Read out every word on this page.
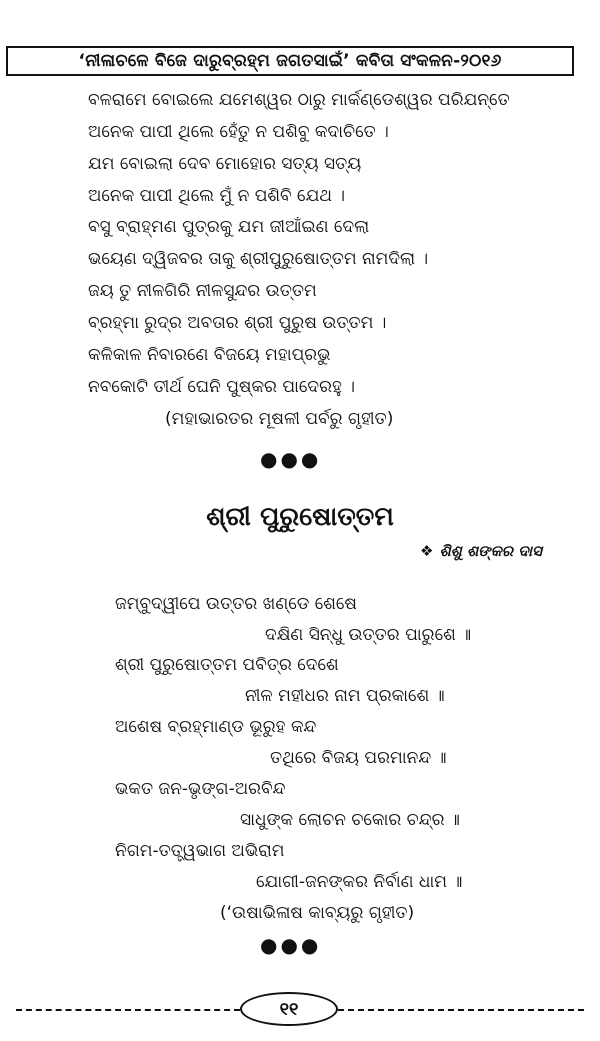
‘ନୀଳାଚଳେ ବିଜେ ଦାରୁବ୍ରହ୍ମ ଜଗତସାଇଁ’ କବିତା ସଂକଳନ-୨୦୧୬
ବଳରାମେ ବୋଇଲେ ଯମେଶ୍ୱର ଠାରୁ ମାର୍କଣ୍ଡେଶ୍ୱର ପରିଯନ୍ତେ
ଅନେକ ପାପୀ ଥିଲେ ହେଁତୁ ନ ପଶିବୁ କଦାଚିତେ ।
ଯମ ବୋଇଲା ଦେବ ମୋହୋର ସତ୍ୟ ସତ୍ୟ
ଅନେକ ପାପୀ ଥିଲେ ମୁଁ ନ ପଶିବି ଯେଥ ।
ବସୁ ବ୍ରାହ୍ମଣ ପୁତ୍ରକୁ ଯମ ଜୀଆଁଇଣ ଦେଲା
ଭୟେଣ ଦ୍ୱିଜବର ତାକୁ ଶ୍ରୀପୁରୁଷୋତ୍ତମ ନାମଦିଲା ।
ଜୟ ତୁ ନୀଳଗିରି ନୀଳସୁନ୍ଦର ଉତ୍ତମ
ବ୍ରହ୍ମା ରୁଦ୍ର ଅବତାର ଶ୍ରୀ ପୁରୁଷ ଉତ୍ତମ ।
କଳିକାଳ ନିବାରଣେ ବିଜୟେ ମହାପ୍ରଭୁ
ନବକୋଟି ତୀର୍ଥ ଘେନି ପୁଷ୍କର ପାଦେରହୁ ।
(ମହାଭାରତର ମୂଷଳୀ ପର୍ବରୁ ଗୃହୀତ)
●●●
ଶ୍ରୀ ପୁରୁଷୋତ୍ତମ
❖ ଶିଶୁ ଶଙ୍କର ଦାସ
ଜମ୍ବୁଦ୍ୱୀପେ ଉତ୍ତର ଖଣ୍ଡେ ଶେଷେ
ଦକ୍ଷିଣ ସିନ୍ଧୁ ଉତ୍ତର ପାରୁଶେ ॥
ଶ୍ରୀ ପୁରୁଷୋତ୍ତମ ପବିତ୍ର ଦେଶେ
ନୀଳ ମହୀଧର ନାମ ପ୍ରକାଶେ ॥
ଅଶେଷ ବ୍ରହ୍ମାଣ୍ଡ ଭୂରୁହ କନ୍ଦ
ତଥିରେ ବିଜୟ ପରମାନନ୍ଦ ॥
ଭକତ ଜନ-ଭୃଙ୍ଗ-ଅରବିନ୍ଦ
ସାଧୁଙ୍କ ଲୋଚନ ଚକୋର ଚନ୍ଦ୍ର ॥
ନିଗମ-ତତ୍ତ୍ୱଭାଗ ଅଭିରାମ
ଯୋଗୀ-ଜନଙ୍କର ନିର୍ବାଣ ଧାମ ॥
(‘ଉଷାଭିଳାଷ କାବ୍ୟରୁ ଗୃହୀତ)
●●●
୧୧
